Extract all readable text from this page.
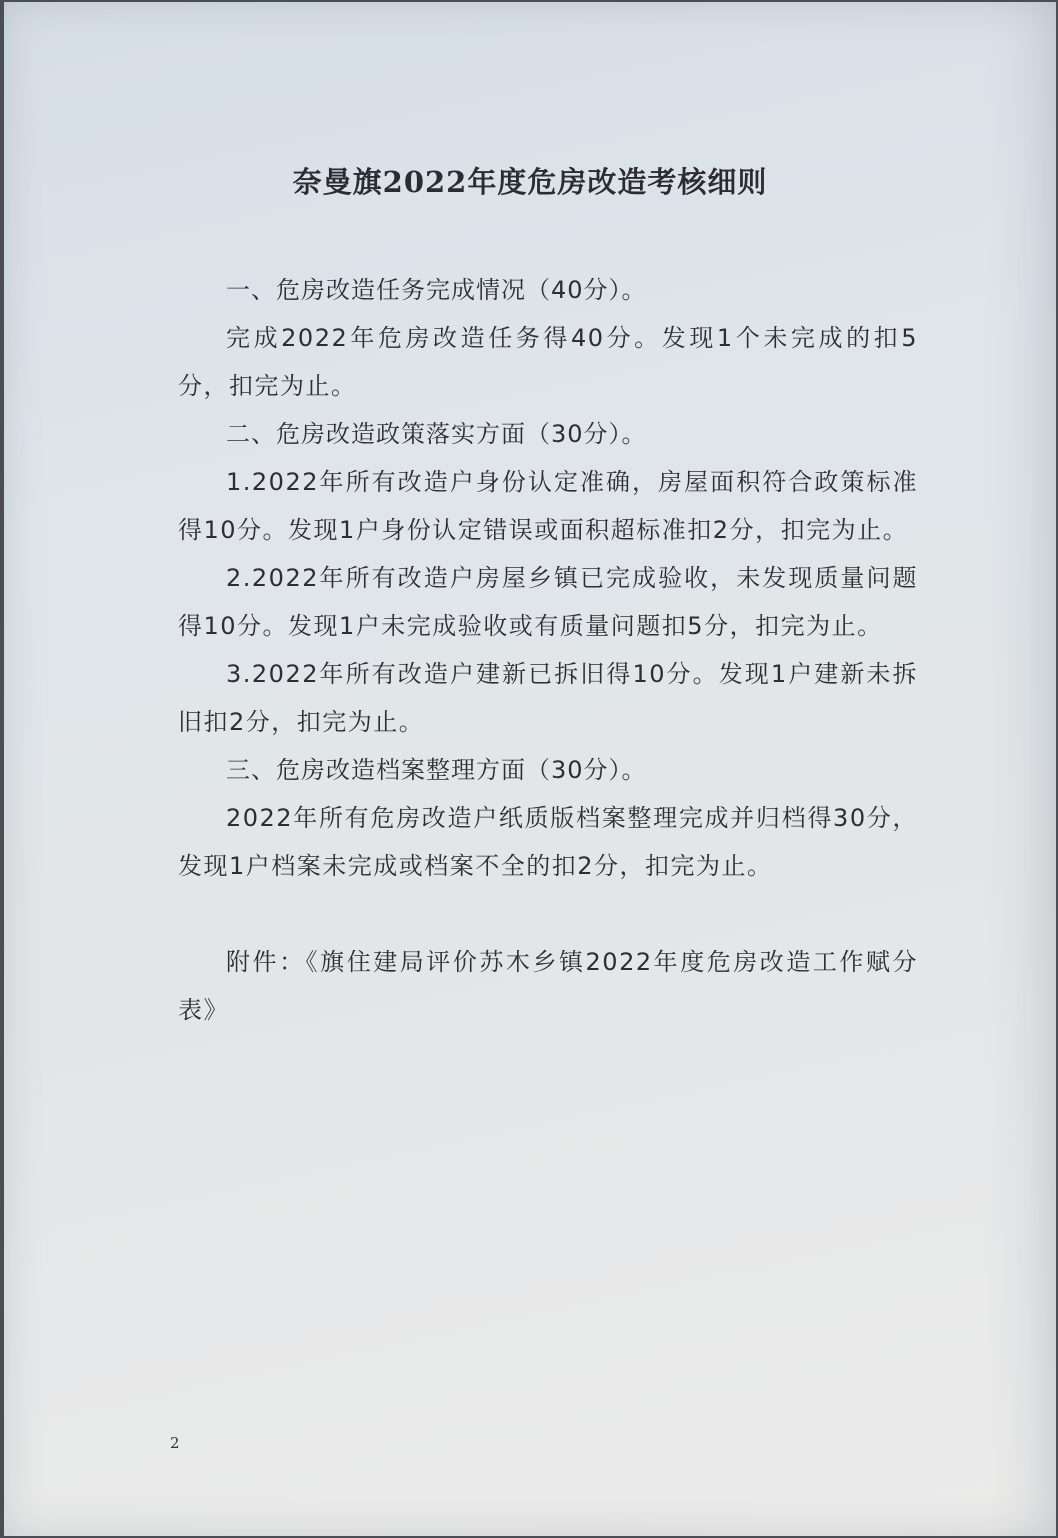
奈曼旗2022年度危房改造考核细则

一、危房改造任务完成情况（40分）。

完成2022年危房改造任务得40分。发现1个未完成的扣5分，扣完为止。

二、危房改造政策落实方面（30分）。

1.2022年所有改造户身份认定准确，房屋面积符合政策标准得10分。发现1户身份认定错误或面积超标准扣2分，扣完为止。

2.2022年所有改造户房屋乡镇已完成验收，未发现质量问题得10分。发现1户未完成验收或有质量问题扣5分，扣完为止。

3.2022年所有改造户建新已拆旧得10分。发现1户建新未拆旧扣2分，扣完为止。

三、危房改造档案整理方面（30分）。

2022年所有危房改造户纸质版档案整理完成并归档得30分，发现1户档案未完成或档案不全的扣2分，扣完为止。

附件：《旗住建局评价苏木乡镇2022年度危房改造工作赋分表》

2
